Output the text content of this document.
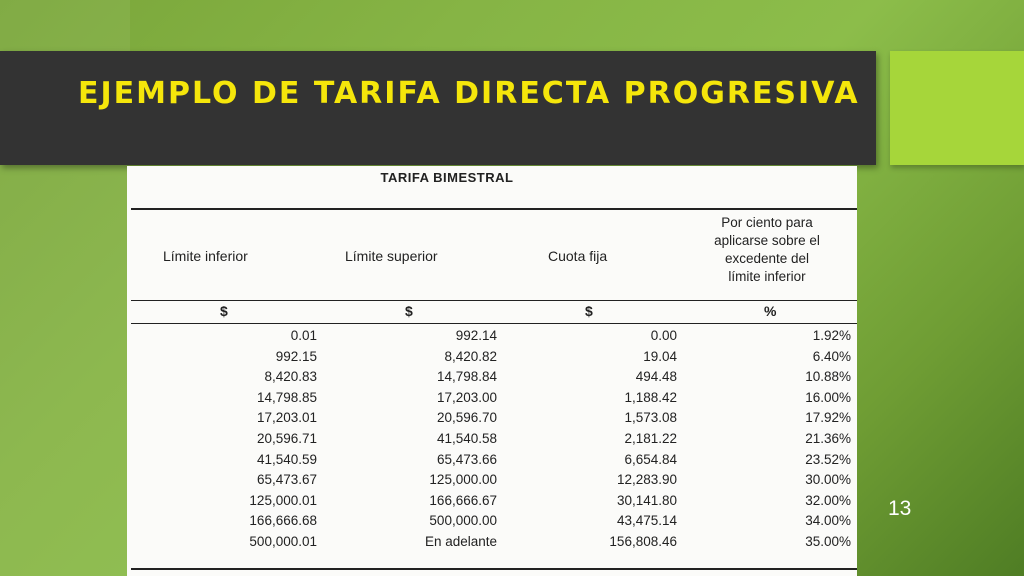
EJEMPLO DE TARIFA DIRECTA PROGRESIVA
TARIFA BIMESTRAL
Límite inferior	Límite superior	Cuota fija
Por ciento para
aplicarse sobre el
excedente del
límite inferior
$	$	$	%
0.01	992.14	0.00	1.92%
992.15	8,420.82	19.04	6.40%
8,420.83	14,798.84	494.48	10.88%
14,798.85	17,203.00	1,188.42	16.00%
17,203.01	20,596.70	1,573.08	17.92%
20,596.71	41,540.58	2,181.22	21.36%
41,540.59	65,473.66	6,654.84	23.52%
65,473.67	125,000.00	12,283.90	30.00%
125,000.01	166,666.67	30,141.80	32.00%
166,666.68	500,000.00	43,475.14	34.00%
500,000.01	En adelante	156,808.46	35.00%
13
